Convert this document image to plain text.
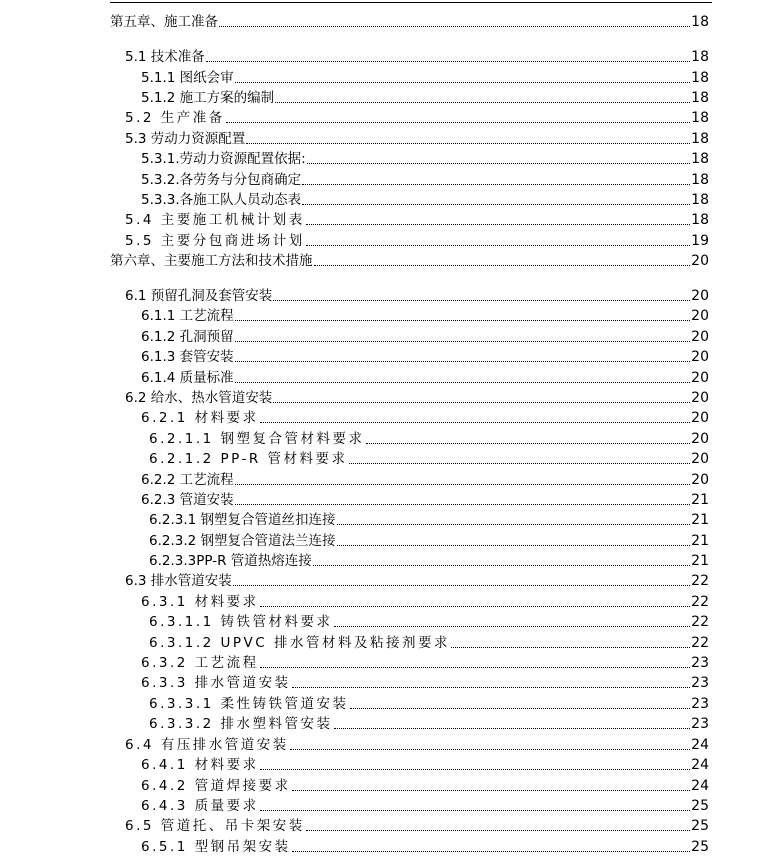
第五章、施工准备	18
5.1 技术准备	18
5.1.1 图纸会审	18
5.1.2 施工方案的编制	18
5.2 生产准备	18
5.3 劳动力资源配置	18
5.3.1.劳动力资源配置依据:	18
5.3.2.各劳务与分包商确定	18
5.3.3.各施工队人员动态表	18
5.4 主要施工机械计划表	18
5.5 主要分包商进场计划	19
第六章、主要施工方法和技术措施	20
6.1 预留孔洞及套管安装	20
6.1.1 工艺流程	20
6.1.2 孔洞预留	20
6.1.3 套管安装	20
6.1.4 质量标准	20
6.2 给水、热水管道安装	20
6.2.1 材料要求	20
6.2.1.1 钢塑复合管材料要求	20
6.2.1.2 PP-R 管材料要求	20
6.2.2 工艺流程	20
6.2.3 管道安装	21
6.2.3.1 钢塑复合管道丝扣连接	21
6.2.3.2 钢塑复合管道法兰连接	21
6.2.3.3PP-R 管道热熔连接	21
6.3 排水管道安装	22
6.3.1 材料要求	22
6.3.1.1 铸铁管材料要求	22
6.3.1.2 UPVC 排水管材料及粘接剂要求	22
6.3.2 工艺流程	23
6.3.3 排水管道安装	23
6.3.3.1 柔性铸铁管道安装	23
6.3.3.2 排水塑料管安装	23
6.4 有压排水管道安装	24
6.4.1 材料要求	24
6.4.2 管道焊接要求	24
6.4.3 质量要求	25
6.5 管道托、吊卡架安装	25
6.5.1 型钢吊架安装	25
